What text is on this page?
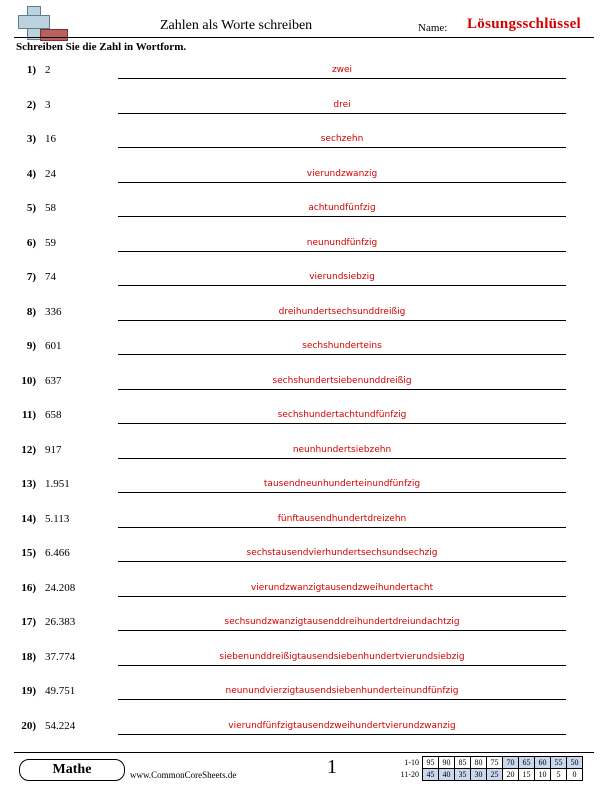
Zahlen als Worte schreiben	Name: Lösungsschlüssel
Schreiben Sie die Zahl in Wortform.
1) 2	zwei
2) 3	drei
3) 16	sechzehn
4) 24	vierundzwanzig
5) 58	achtundfünfzig
6) 59	neunundfünfzig
7) 74	vierundsiebzig
8) 336	dreihundertsechsunddreißig
9) 601	sechshunderteins
10) 637	sechshundertsiebenunddreißig
11) 658	sechshundertachtundfünfzig
12) 917	neunhundertsiebzehn
13) 1.951	tausendneunhunderteinundfünfzig
14) 5.113	fünftausendhundertdreizehn
15) 6.466	sechstausendvierhundertsechsundsechzig
16) 24.208	vierundzwanzigtausendzweihundertacht
17) 26.383	sechsundzwanzigtausenddreihundertdreiundachtzig
18) 37.774	siebenunddreißigtausendsiebenhundertvierundsiebzig
19) 49.751	neunundvierzigtausendsiebenhunderteinundfünfzig
20) 54.224	vierundfünfzigtausendzweihundertvierundzwanzig
Mathe	www.CommonCoreSheets.de	1	1-10	95	90	85	80	75	70	65	60	55	50
11-20	45	40	35	30	25	20	15	10	5	0
